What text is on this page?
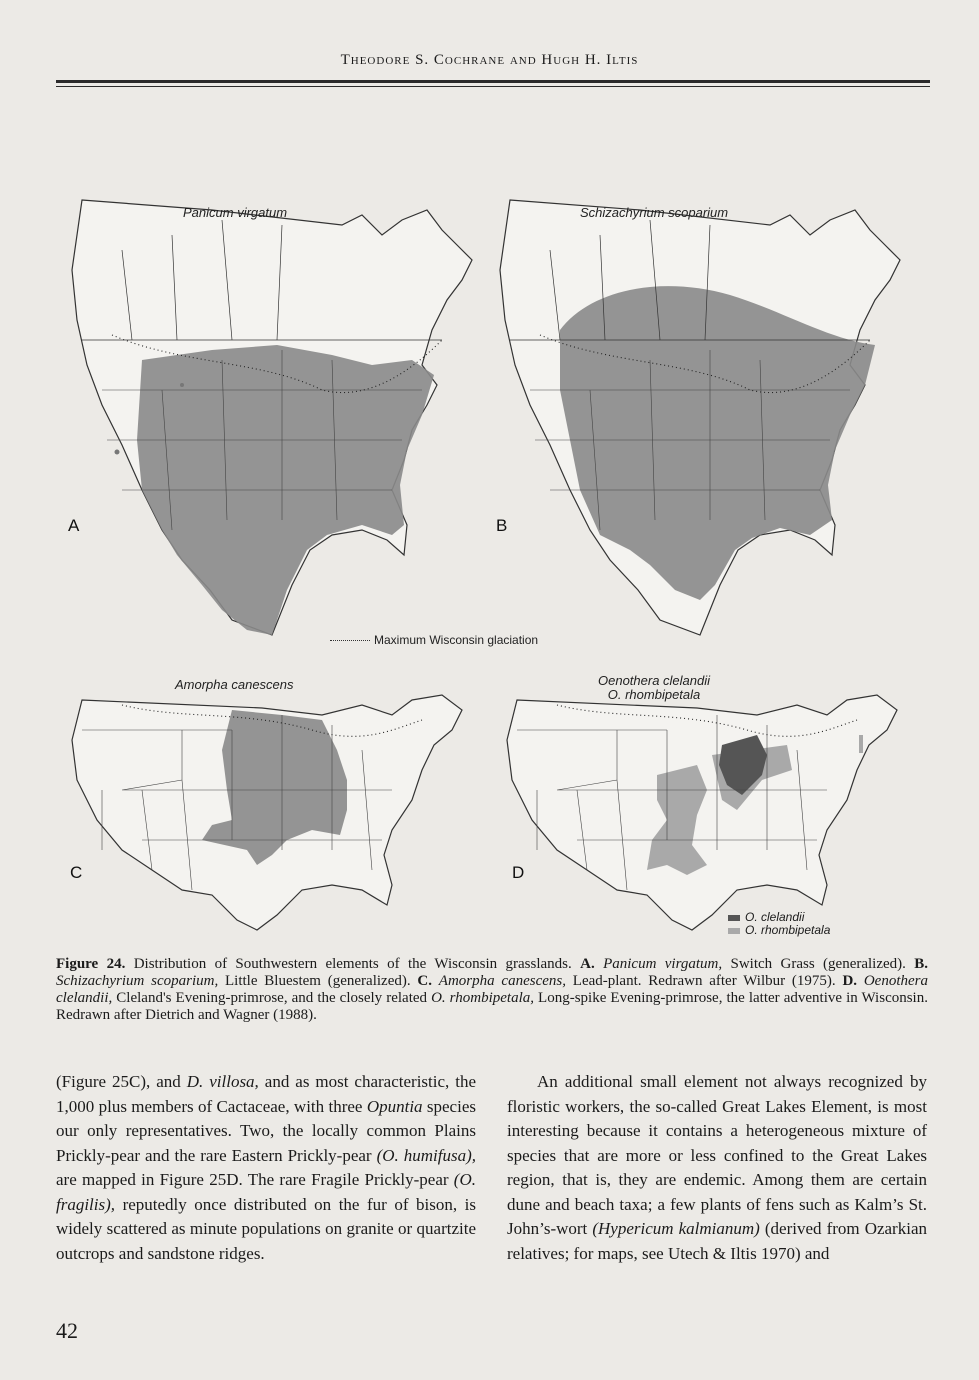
Theodore S. Cochrane and Hugh H. Iltis
Panicum virgatum
A
Schizachyrium scoparium
B
Maximum Wisconsin glaciation
Amorpha canescens
C
Oenothera clelandii
O. rhombipetala
D
O. clelandii
O. rhombipetala
Figure 24. Distribution of Southwestern elements of the Wisconsin grasslands. A. Panicum virgatum, Switch Grass (generalized). B. Schizachyrium scoparium, Little Bluestem (generalized). C. Amorpha canescens, Lead-plant. Redrawn after Wilbur (1975). D. Oenothera clelandii, Cleland's Evening-primrose, and the closely related O. rhombipetala, Long-spike Evening-primrose, the latter adventive in Wisconsin. Redrawn after Dietrich and Wagner (1988).

(Figure 25C), and D. villosa, and as most characteristic, the 1,000 plus members of Cactaceae, with three Opuntia species our only representatives. Two, the locally common Plains Prickly-pear and the rare Eastern Prickly-pear (O. humifusa), are mapped in Figure 25D. The rare Fragile Prickly-pear (O. fragilis), reputedly once distributed on the fur of bison, is widely scattered as minute populations on granite or quartzite outcrops and sandstone ridges.

An additional small element not always recognized by floristic workers, the so-called Great Lakes Element, is most interesting because it contains a heterogeneous mixture of species that are more or less confined to the Great Lakes region, that is, they are endemic. Among them are certain dune and beach taxa; a few plants of fens such as Kalm’s St. John’s-wort (Hypericum kalmianum) (derived from Ozarkian relatives; for maps, see Utech & Iltis 1970) and

42
